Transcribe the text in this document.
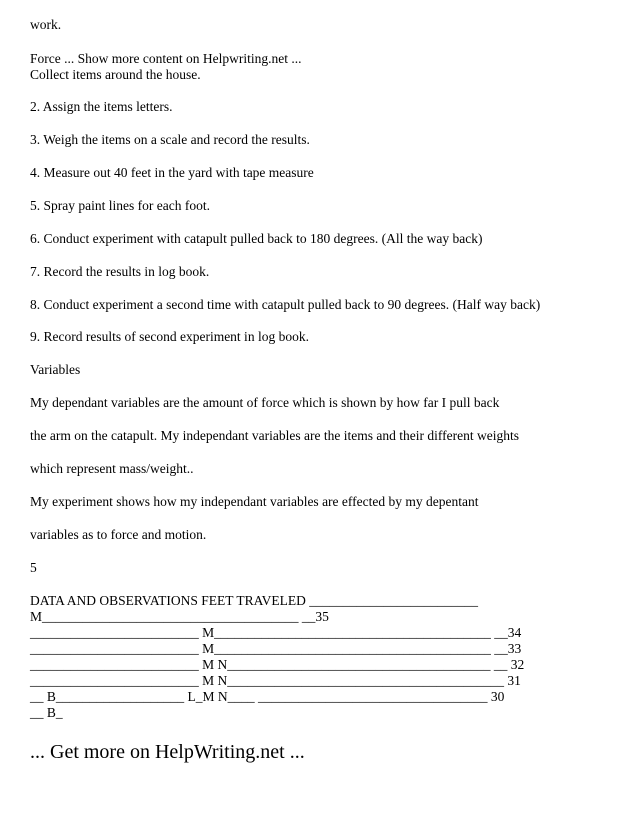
work.
Force ... Show more content on Helpwriting.net ...
Collect items around the house.
2. Assign the items letters.
3. Weigh the items on a scale and record the results.
4. Measure out 40 feet in the yard with tape measure
5. Spray paint lines for each foot.
6. Conduct experiment with catapult pulled back to 180 degrees. (All the way back)
7. Record the results in log book.
8. Conduct experiment a second time with catapult pulled back to 90 degrees. (Half way back)
9. Record results of second experiment in log book.
Variables
My dependant variables are the amount of force which is shown by how far I pull back
the arm on the catapult. My independant variables are the items and their different weights
which represent mass/weight..
My experiment shows how my independant variables are effected by my depentant
variables as to force and motion.
5
DATA AND OBSERVATIONS FEET TRAVELED _________________________
M______________________________________ __35
_________________________ M_________________________________________ __34
_________________________ M_________________________________________ __33
_________________________ M N_______________________________________ __ 32
_________________________ M N_________________________________________ 31
__ B___________________ L_M N____ __________________________________ 30
__ B_
... Get more on HelpWriting.net ...
